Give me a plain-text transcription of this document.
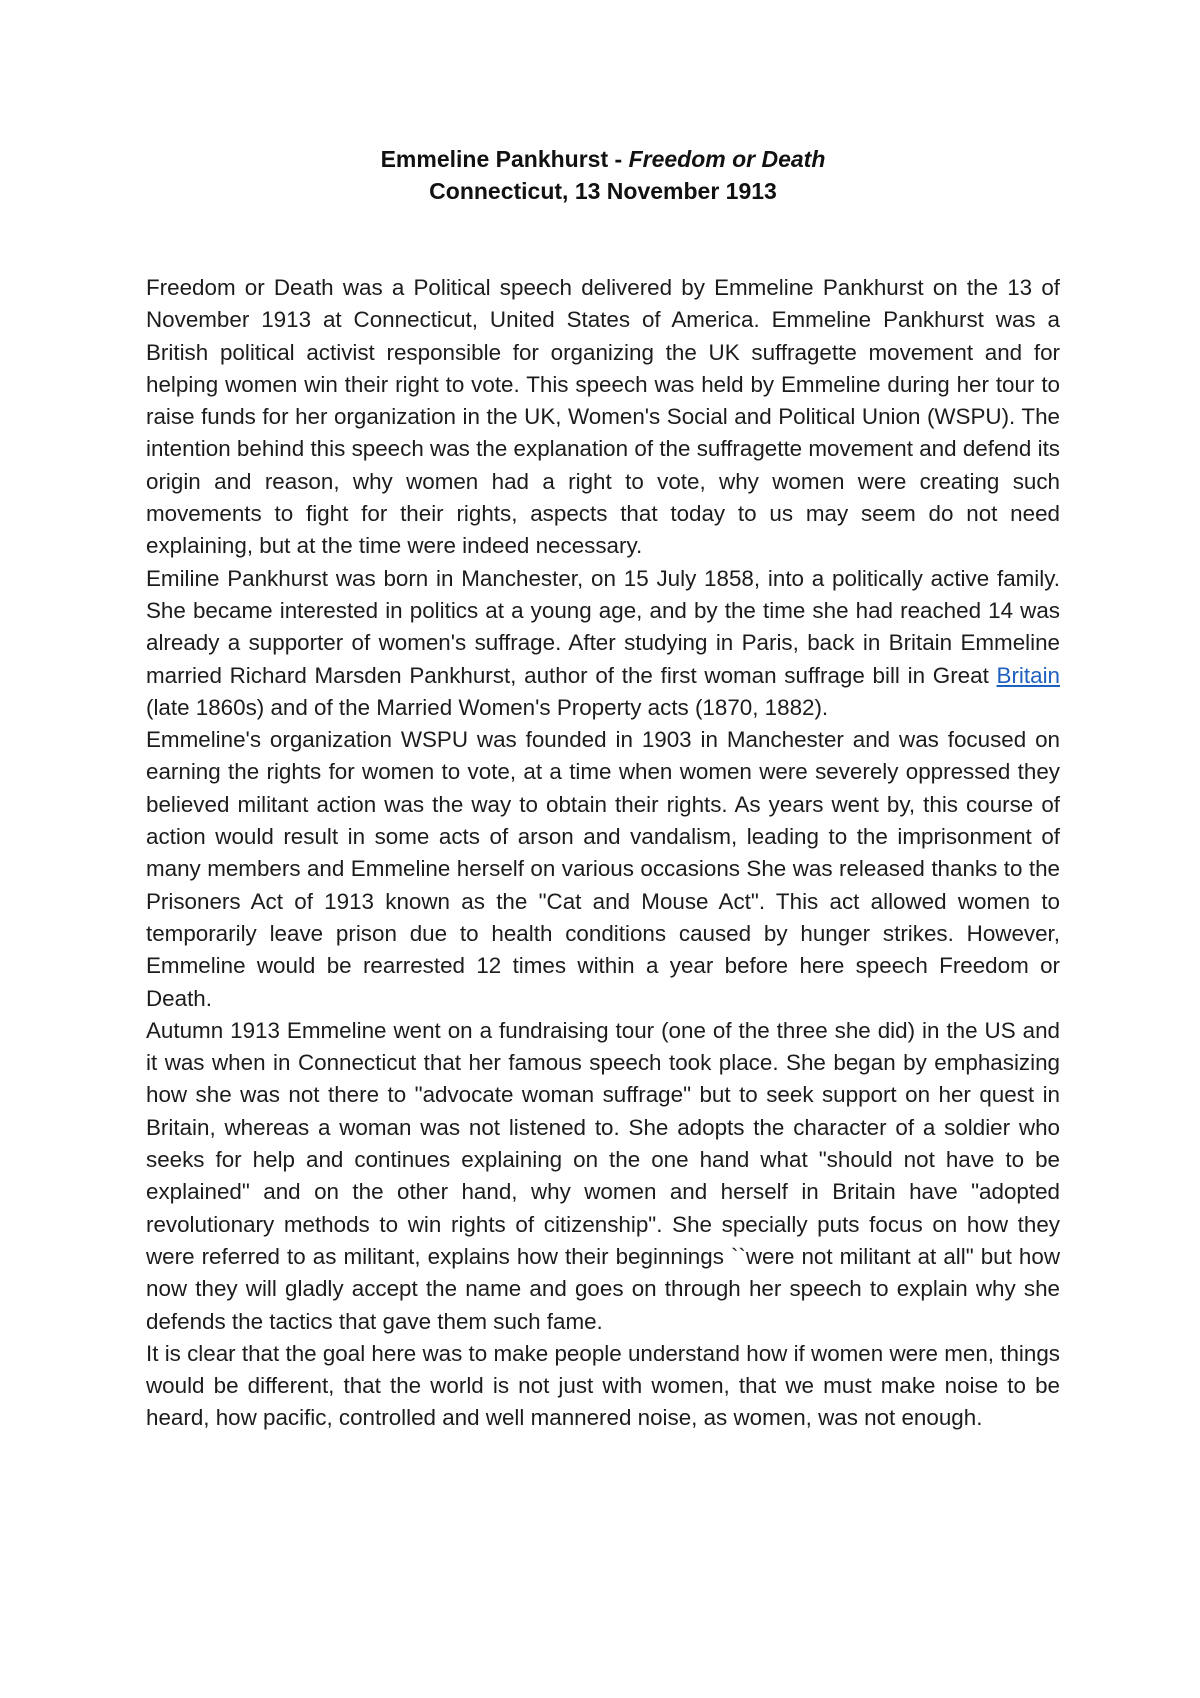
Emmeline Pankhurst - Freedom or Death
Connecticut, 13 November 1913

Freedom or Death was a Political speech delivered by Emmeline Pankhurst on the 13 of November 1913 at Connecticut, United States of America. Emmeline Pankhurst was a British political activist responsible for organizing the UK suffragette movement and for helping women win their right to vote. This speech was held by Emmeline during her tour to raise funds for her organization in the UK, Women's Social and Political Union (WSPU). The intention behind this speech was the explanation of the suffragette movement and defend its origin and reason, why women had a right to vote, why women were creating such movements to fight for their rights, aspects that today to us may seem do not need explaining, but at the time were indeed necessary.

Emiline Pankhurst was born in Manchester, on 15 July 1858, into a politically active family. She became interested in politics at a young age, and by the time she had reached 14 was already a supporter of women's suffrage. After studying in Paris, back in Britain Emmeline married Richard Marsden Pankhurst, author of the first woman suffrage bill in Great Britain (late 1860s) and of the Married Women's Property acts (1870, 1882).

Emmeline's organization WSPU was founded in 1903 in Manchester and was focused on earning the rights for women to vote, at a time when women were severely oppressed they believed militant action was the way to obtain their rights. As years went by, this course of action would result in some acts of arson and vandalism, leading to the imprisonment of many members and Emmeline herself on various occasions She was released thanks to the Prisoners Act of 1913 known as the "Cat and Mouse Act". This act allowed women to temporarily leave prison due to health conditions caused by hunger strikes. However, Emmeline would be rearrested 12 times within a year before here speech Freedom or Death.

Autumn 1913 Emmeline went on a fundraising tour (one of the three she did) in the US and it was when in Connecticut that her famous speech took place. She began by emphasizing how she was not there to "advocate woman suffrage" but to seek support on her quest in Britain, whereas a woman was not listened to. She adopts the character of a soldier who seeks for help and continues explaining on the one hand what "should not have to be explained" and on the other hand, why women and herself in Britain have "adopted revolutionary methods to win rights of citizenship". She specially puts focus on how they were referred to as militant, explains how their beginnings ``were not militant at all" but how now they will gladly accept the name and goes on through her speech to explain why she defends the tactics that gave them such fame.

It is clear that the goal here was to make people understand how if women were men, things would be different, that the world is not just with women, that we must make noise to be heard, how pacific, controlled and well mannered noise, as women, was not enough.
